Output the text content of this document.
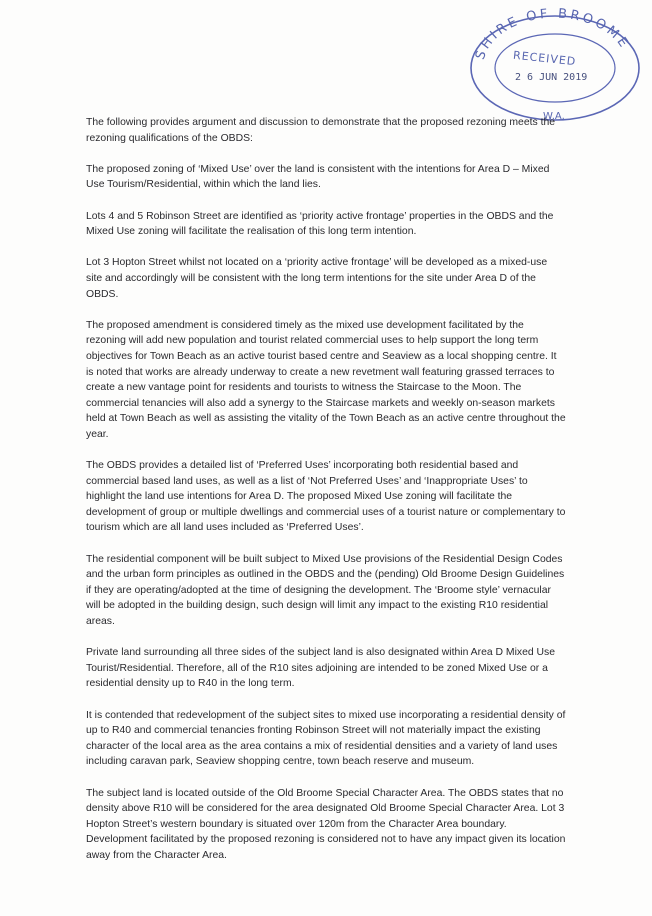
SHIRE OF BROOME
RECEIVED
2 6 JUN 2019
W.A.

The following provides argument and discussion to demonstrate that the proposed rezoning meets the rezoning qualifications of the OBDS:

The proposed zoning of ‘Mixed Use’ over the land is consistent with the intentions for Area D – Mixed Use Tourism/Residential, within which the land lies.

Lots 4 and 5 Robinson Street are identified as ‘priority active frontage’ properties in the OBDS and the Mixed Use zoning will facilitate the realisation of this long term intention.

Lot 3 Hopton Street whilst not located on a ‘priority active frontage’ will be developed as a mixed-use site and accordingly will be consistent with the long term intentions for the site under Area D of the OBDS.

The proposed amendment is considered timely as the mixed use development facilitated by the rezoning will add new population and tourist related commercial uses to help support the long term objectives for Town Beach as an active tourist based centre and Seaview as a local shopping centre. It is noted that works are already underway to create a new revetment wall featuring grassed terraces to create a new vantage point for residents and tourists to witness the Staircase to the Moon. The commercial tenancies will also add a synergy to the Staircase markets and weekly on-season markets held at Town Beach as well as assisting the vitality of the Town Beach as an active centre throughout the year.

The OBDS provides a detailed list of ‘Preferred Uses’ incorporating both residential based and commercial based land uses, as well as a list of ‘Not Preferred Uses’ and ‘Inappropriate Uses’ to highlight the land use intentions for Area D. The proposed Mixed Use zoning will facilitate the development of group or multiple dwellings and commercial uses of a tourist nature or complementary to tourism which are all land uses included as ‘Preferred Uses’.

The residential component will be built subject to Mixed Use provisions of the Residential Design Codes and the urban form principles as outlined in the OBDS and the (pending) Old Broome Design Guidelines if they are operating/adopted at the time of designing the development. The ‘Broome style’ vernacular will be adopted in the building design, such design will limit any impact to the existing R10 residential areas.

Private land surrounding all three sides of the subject land is also designated within Area D Mixed Use Tourist/Residential. Therefore, all of the R10 sites adjoining are intended to be zoned Mixed Use or a residential density up to R40 in the long term.

It is contended that redevelopment of the subject sites to mixed use incorporating a residential density of up to R40 and commercial tenancies fronting Robinson Street will not materially impact the existing character of the local area as the area contains a mix of residential densities and a variety of land uses including caravan park, Seaview shopping centre, town beach reserve and museum.

The subject land is located outside of the Old Broome Special Character Area. The OBDS states that no density above R10 will be considered for the area designated Old Broome Special Character Area. Lot 3 Hopton Street’s western boundary is situated over 120m from the Character Area boundary. Development facilitated by the proposed rezoning is considered not to have any impact given its location away from the Character Area.
